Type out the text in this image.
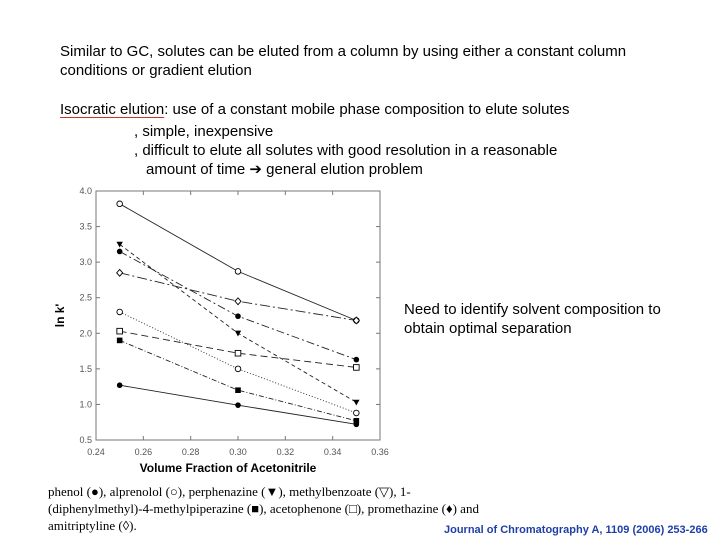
Similar to GC, solutes can be eluted from a column by using either a constant column conditions or gradient elution
Isocratic elution: use of a constant mobile phase composition to elute solutes
, simple, inexpensive
, difficult to elute all solutes with good resolution in a reasonable
amount of time ➔ general elution problem
0.24	0.26	0.28	0.30	0.32	0.34	0.36
0.5
1.0
1.5
2.0
2.5
3.0
3.5
4.0
Volume Fraction of Acetonitrile
ln k'	Need to identify solvent composition to obtain optimal separation
phenol (●), alprenolol (○), perphenazine (▼), methylbenzoate (▽), 1-(diphenylmethyl)-4-methylpiperazine (■), acetophenone (□), promethazine (♦) and amitriptyline (◊).	Journal of Chromatography A, 1109 (2006) 253-266
